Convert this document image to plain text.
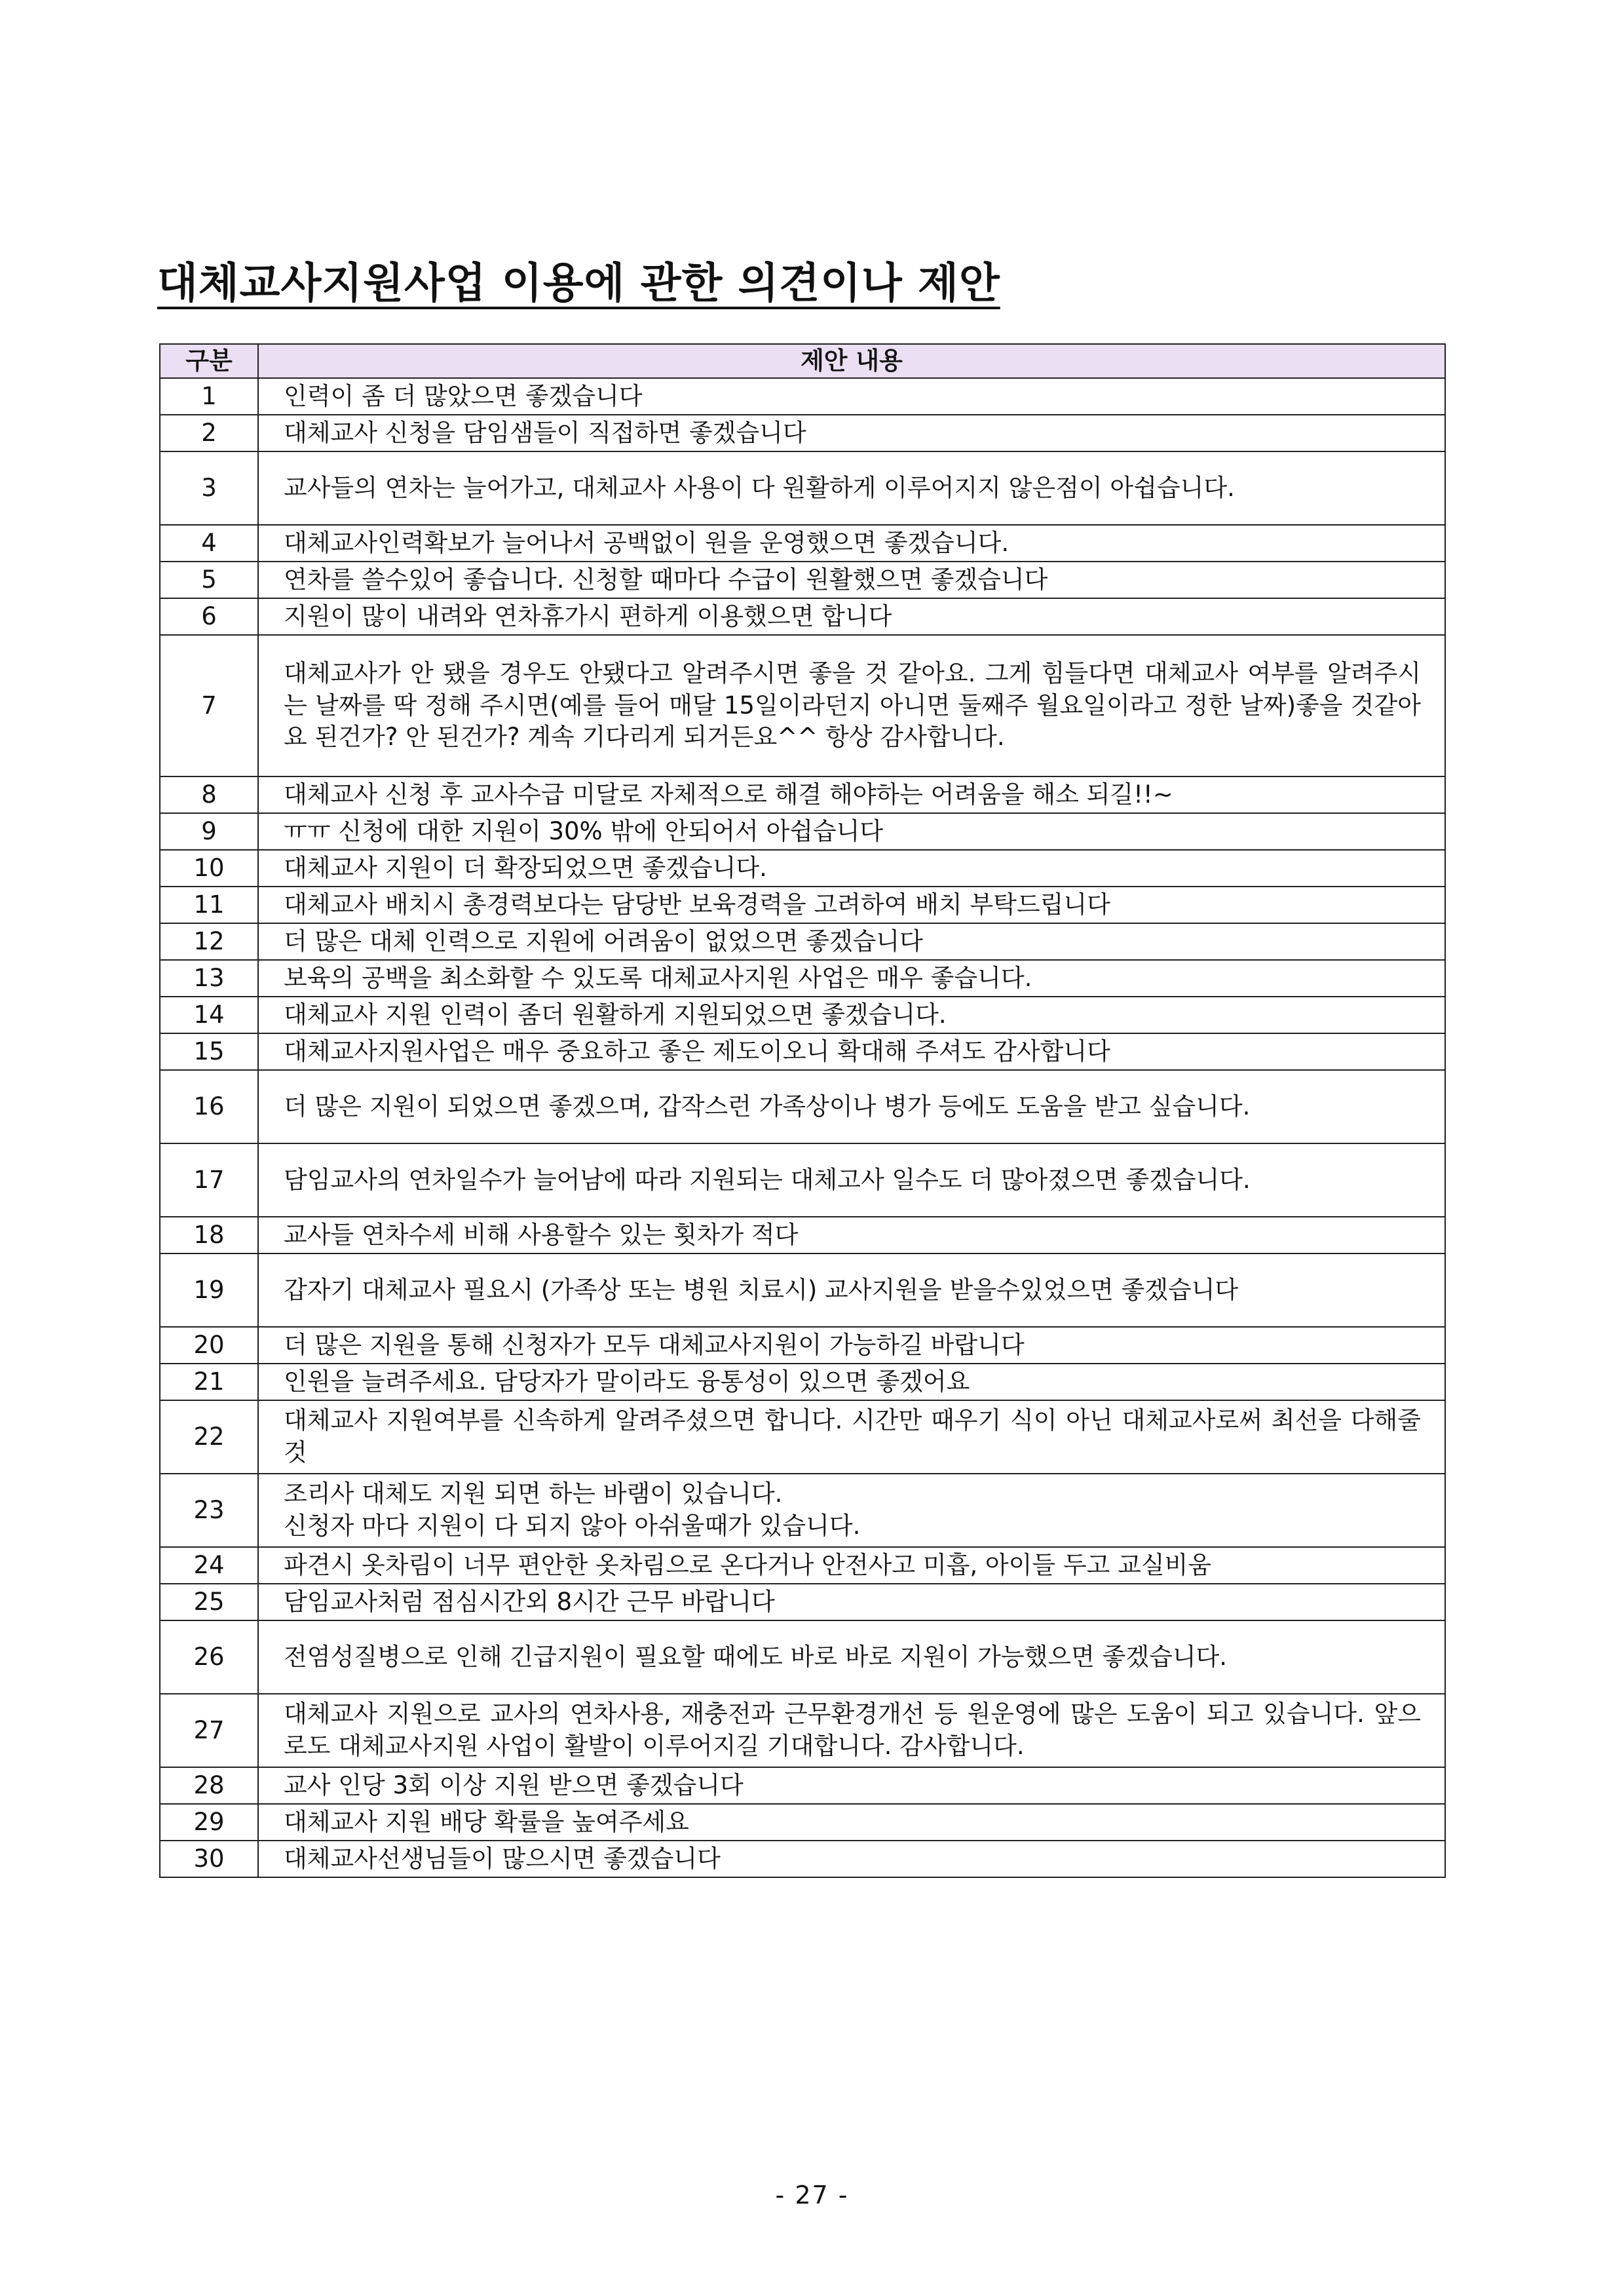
대체교사지원사업 이용에 관한 의견이나 제안
구분	제안 내용
1	인력이 좀 더 많았으면 좋겠습니다

2	대체교사 신청을 담임샘들이 직접하면 좋겠습니다

3	교사들의 연차는 늘어가고, 대체교사 사용이 다 원활하게 이루어지지 않은점이 아쉽습니다.

4	대체교사인력확보가 늘어나서 공백없이 원을 운영했으면 좋겠습니다.

5	연차를 쓸수있어 좋습니다. 신청할 때마다 수급이 원활했으면 좋겠습니다

6	지원이 많이 내려와 연차휴가시 편하게 이용했으면 합니다

7	대체교사가 안 됐을 경우도 안됐다고 알려주시면 좋을 것 같아요. 그게 힘들다면 대체교사 여부를 알려주시는 날짜를 딱 정해 주시면(예를 들어 매달 15일이라던지 아니면 둘째주 월요일이라고 정한 날짜)좋을 것같아요 된건가? 안 된건가? 계속 기다리게 되거든요^^ 항상 감사합니다.

8	대체교사 신청 후 교사수급 미달로 자체적으로 해결 해야하는 어려움을 해소 되길!!~

9	ㅠㅠ 신청에 대한 지원이 30% 밖에 안되어서 아쉽습니다

10	대체교사 지원이 더 확장되었으면 좋겠습니다.

11	대체교사 배치시 총경력보다는 담당반 보육경력을 고려하여 배치 부탁드립니다

12	더 많은 대체 인력으로 지원에 어려움이 없었으면 좋겠습니다

13	보육의 공백을 최소화할 수 있도록 대체교사지원 사업은 매우 좋습니다.

14	대체교사 지원 인력이 좀더 원활하게 지원되었으면 좋겠습니다.

15	대체교사지원사업은 매우 중요하고 좋은 제도이오니 확대해 주셔도 감사합니다

16	더 많은 지원이 되었으면 좋겠으며, 갑작스런 가족상이나 병가 등에도 도움을 받고 싶습니다.

17	담임교사의 연차일수가 늘어남에 따라 지원되는 대체고사 일수도 더 많아졌으면 좋겠습니다.

18	교사들 연차수세 비해 사용할수 있는 횟차가 적다

19	갑자기 대체교사 필요시 (가족상 또는 병원 치료시) 교사지원을 받을수있었으면 좋겠습니다

20	더 많은 지원을 통해 신청자가 모두 대체교사지원이 가능하길 바랍니다

21	인원을 늘려주세요. 담당자가 말이라도 융통성이 있으면 좋겠어요

22	대체교사 지원여부를 신속하게 알려주셨으면 합니다. 시간만 때우기 식이 아닌 대체교사로써 최선을 다해줄것

23	조리사 대체도 지원 되면 하는 바램이 있습니다.
신청자 마다 지원이 다 되지 않아 아쉬울때가 있습니다.

24	파견시 옷차림이 너무 편안한 옷차림으로 온다거나 안전사고 미흡, 아이들 두고 교실비움

25	담임교사처럼 점심시간외 8시간 근무 바랍니다

26	전염성질병으로 인해 긴급지원이 필요할 때에도 바로 바로 지원이 가능했으면 좋겠습니다.

27	대체교사 지원으로 교사의 연차사용, 재충전과 근무환경개선 등 원운영에 많은 도움이 되고 있습니다. 앞으로도 대체교사지원 사업이 활발이 이루어지길 기대합니다. 감사합니다.

28	교사 인당 3회 이상 지원 받으면 좋겠습니다

29	대체교사 지원 배당 확률을 높여주세요

30	대체교사선생님들이 많으시면 좋겠습니다
- 27 -
